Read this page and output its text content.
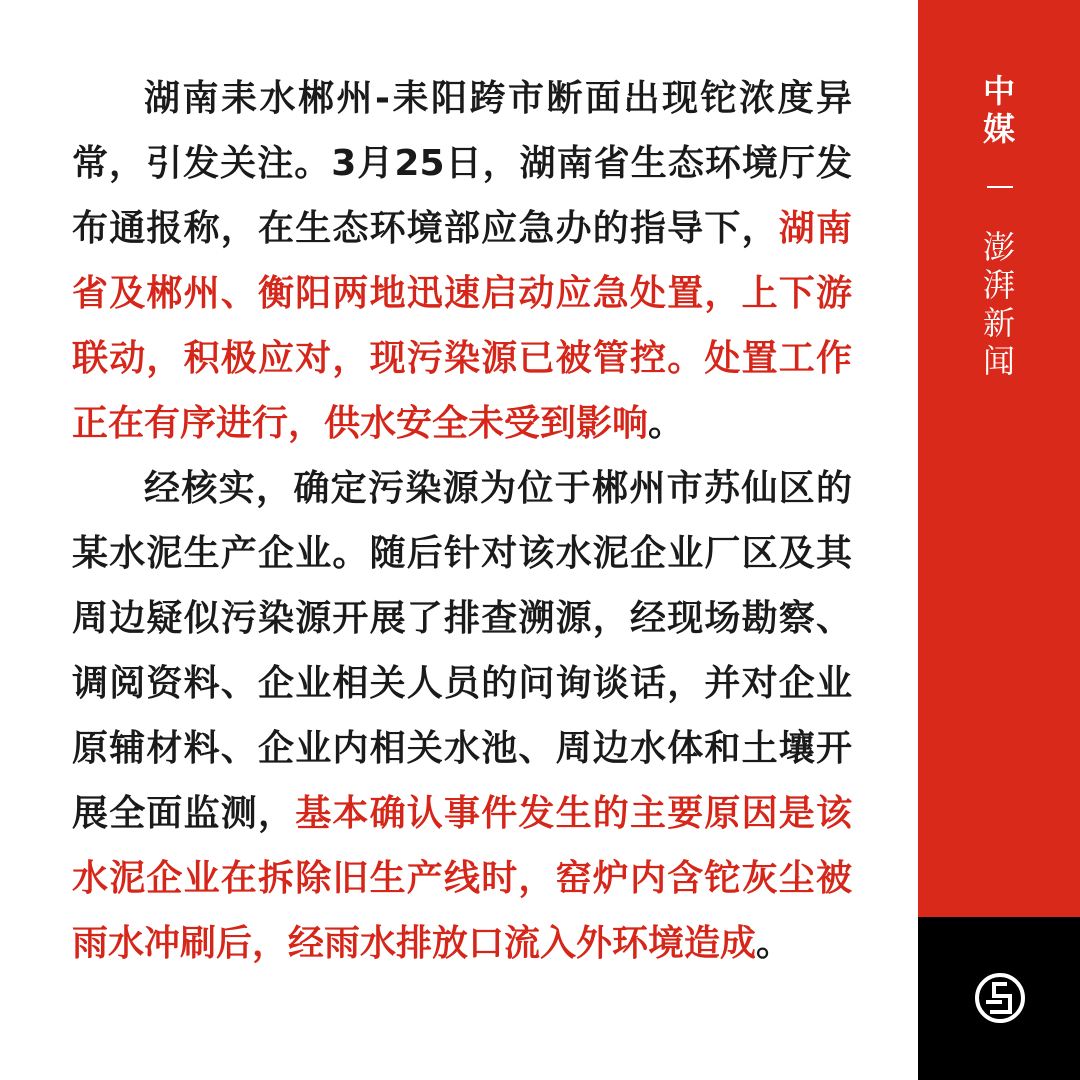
湖南耒水郴州-耒阳跨市断面出现铊浓度异常，引发关注。3月25日，湖南省生态环境厅发布通报称，在生态环境部应急办的指导下，湖南省及郴州、衡阳两地迅速启动应急处置，上下游联动，积极应对，现污染源已被管控。处置工作正在有序进行，供水安全未受到影响。

经核实，确定污染源为位于郴州市苏仙区的某水泥生产企业。随后针对该水泥企业厂区及其周边疑似污染源开展了排查溯源，经现场勘察、调阅资料、企业相关人员的问询谈话，并对企业原辅材料、企业内相关水池、周边水体和土壤开展全面监测，基本确认事件发生的主要原因是该水泥企业在拆除旧生产线时，窑炉内含铊灰尘被雨水冲刷后，经雨水排放口流入外环境造成。

中
媒
澎
湃
新
闻
